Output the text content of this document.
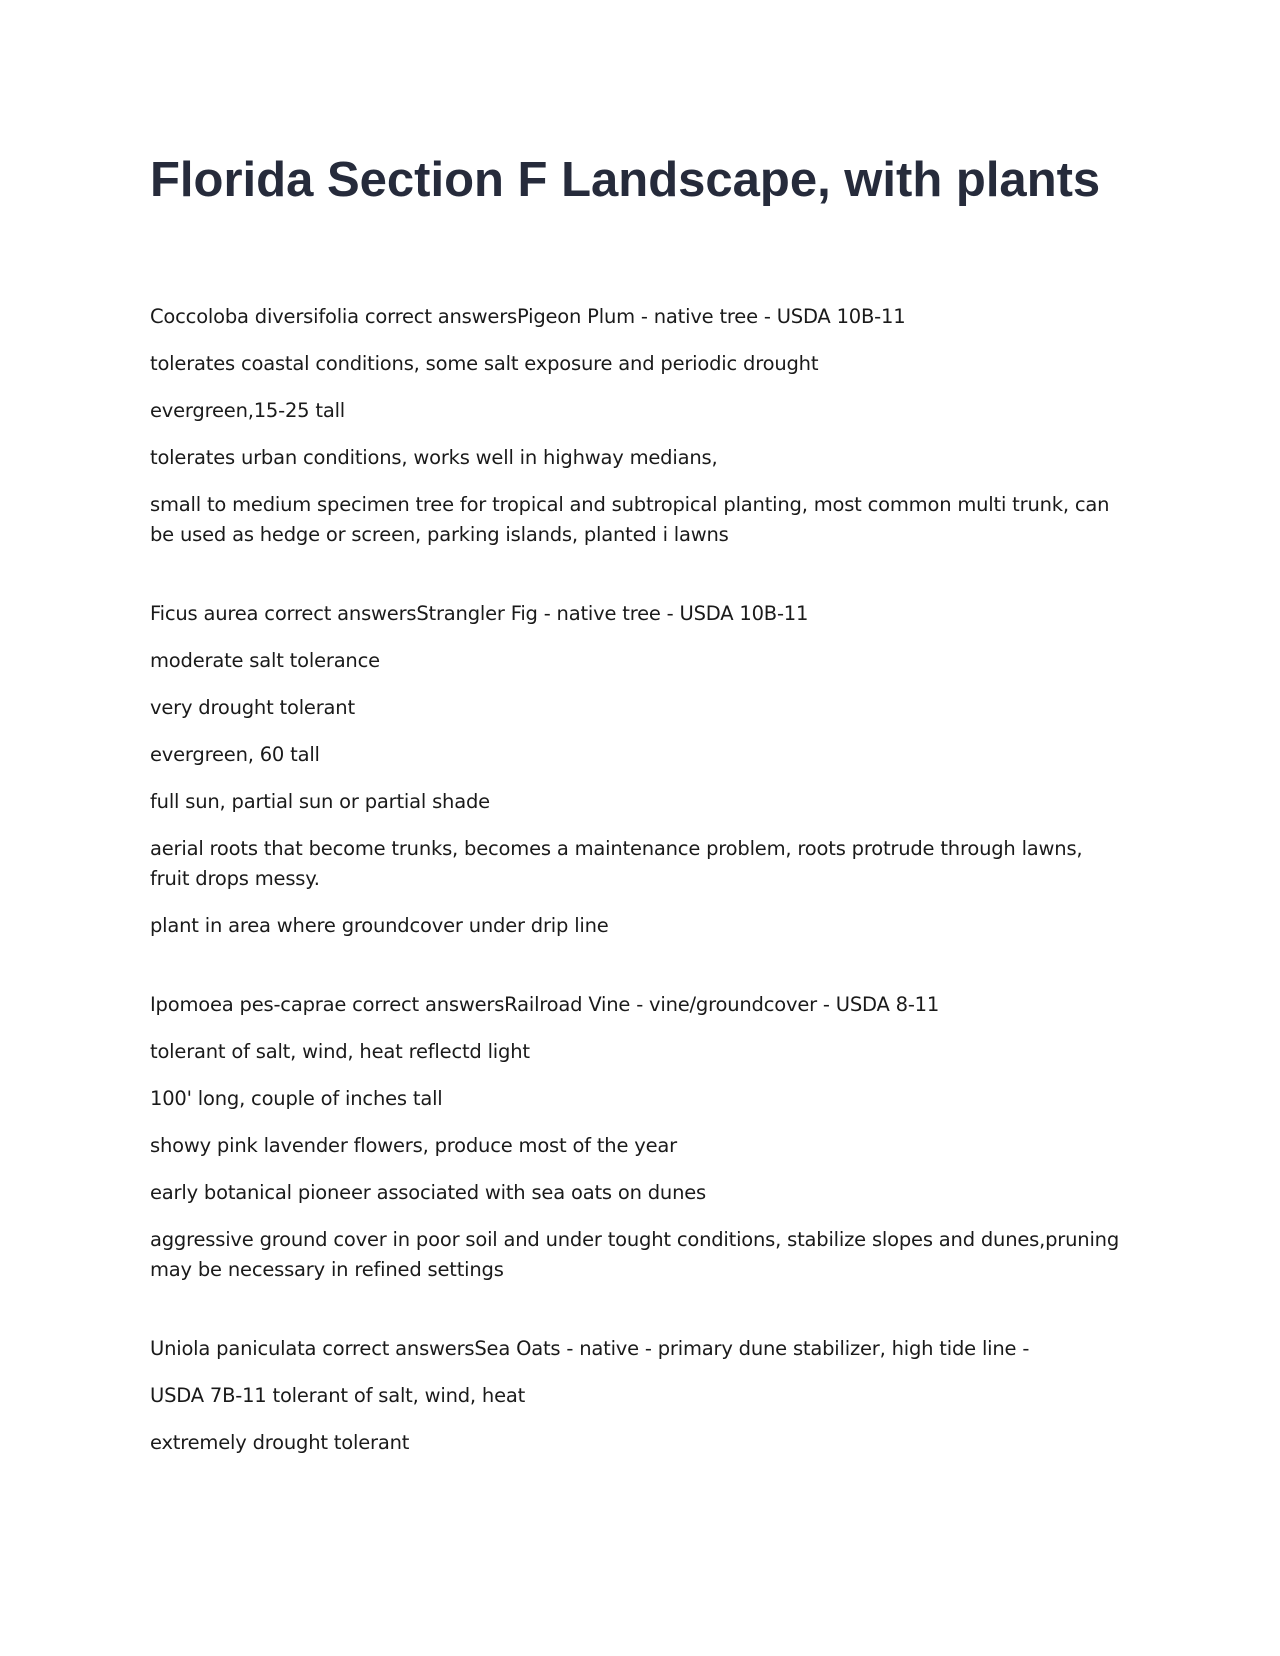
Florida Section F Landscape, with plants

Coccoloba diversifolia correct answersPigeon Plum - native tree - USDA 10B-11

tolerates coastal conditions, some salt exposure and periodic drought

evergreen,15-25 tall

tolerates urban conditions, works well in highway medians,

small to medium specimen tree for tropical and subtropical planting, most common multi trunk, can be used as hedge or screen, parking islands, planted i lawns

Ficus aurea correct answersStrangler Fig - native tree - USDA 10B-11

moderate salt tolerance

very drought tolerant

evergreen, 60 tall

full sun, partial sun or partial shade

aerial roots that become trunks, becomes a maintenance problem, roots protrude through lawns, fruit drops messy.

plant in area where groundcover under drip line

Ipomoea pes-caprae correct answersRailroad Vine - vine/groundcover - USDA 8-11

tolerant of salt, wind, heat reflectd light

100' long, couple of inches tall

showy pink lavender flowers, produce most of the year

early botanical pioneer associated with sea oats on dunes

aggressive ground cover in poor soil and under tought conditions, stabilize slopes and dunes,pruning may be necessary in refined settings

Uniola paniculata correct answersSea Oats - native - primary dune stabilizer, high tide line -

USDA 7B-11 tolerant of salt, wind, heat

extremely drought tolerant
